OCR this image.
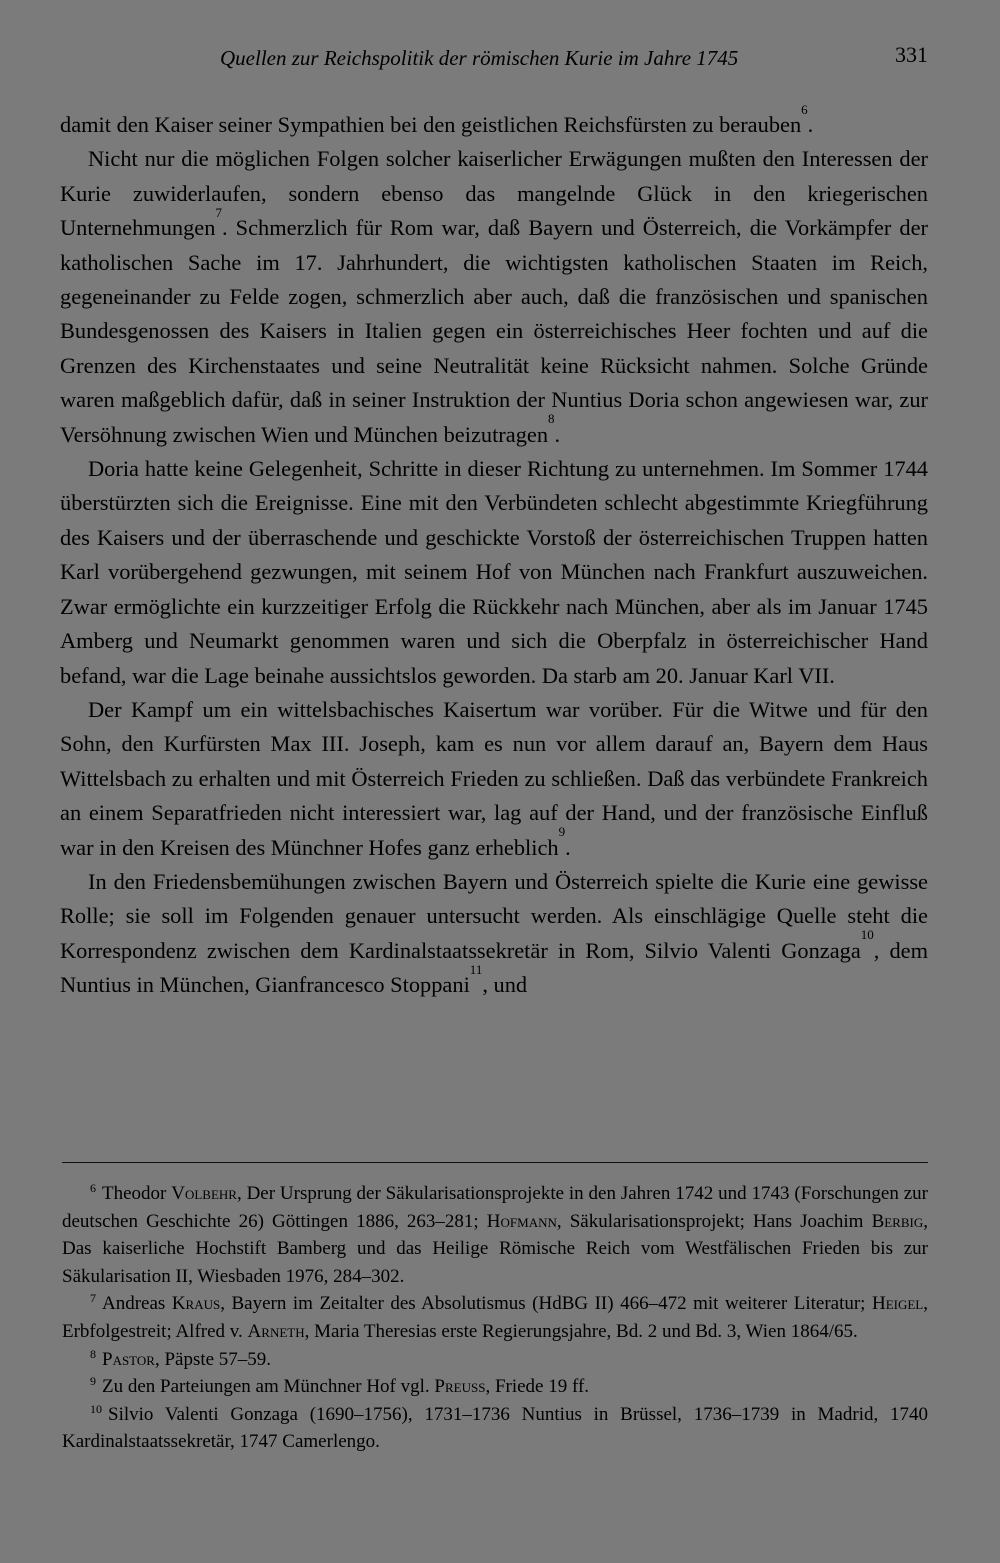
Quellen zur Reichspolitik der römischen Kurie im Jahre 1745	331

damit den Kaiser seiner Sympathien bei den geistlichen Reichsfürsten zu berauben$^6$.

Nicht nur die möglichen Folgen solcher kaiserlicher Erwägungen mußten den Interessen der Kurie zuwiderlaufen, sondern ebenso das mangelnde Glück in den kriegerischen Unternehmungen$^7$. Schmerzlich für Rom war, daß Bayern und Österreich, die Vorkämpfer der katholischen Sache im 17. Jahrhundert, die wichtigsten katholischen Staaten im Reich, gegeneinander zu Felde zogen, schmerzlich aber auch, daß die französischen und spanischen Bundesgenossen des Kaisers in Italien gegen ein österreichisches Heer fochten und auf die Grenzen des Kirchenstaates und seine Neutralität keine Rücksicht nahmen. Solche Gründe waren maßgeblich dafür, daß in seiner Instruktion der Nuntius Doria schon angewiesen war, zur Versöhnung zwischen Wien und München beizutragen$^8$.

Doria hatte keine Gelegenheit, Schritte in dieser Richtung zu unternehmen. Im Sommer 1744 überstürzten sich die Ereignisse. Eine mit den Verbündeten schlecht abgestimmte Kriegführung des Kaisers und der überraschende und geschickte Vorstoß der österreichischen Truppen hatten Karl vorübergehend gezwungen, mit seinem Hof von München nach Frankfurt auszuweichen. Zwar ermöglichte ein kurzzeitiger Erfolg die Rückkehr nach München, aber als im Januar 1745 Amberg und Neumarkt genommen waren und sich die Oberpfalz in österreichischer Hand befand, war die Lage beinahe aussichtslos geworden. Da starb am 20. Januar Karl VII.

Der Kampf um ein wittelsbachisches Kaisertum war vorüber. Für die Witwe und für den Sohn, den Kurfürsten Max III. Joseph, kam es nun vor allem darauf an, Bayern dem Haus Wittelsbach zu erhalten und mit Österreich Frieden zu schließen. Daß das verbündete Frankreich an einem Separatfrieden nicht interessiert war, lag auf der Hand, und der französische Einfluß war in den Kreisen des Münchner Hofes ganz erheblich$^9$.

In den Friedensbemühungen zwischen Bayern und Österreich spielte die Kurie eine gewisse Rolle; sie soll im Folgenden genauer untersucht werden. Als einschlägige Quelle steht die Korrespondenz zwischen dem Kardinalstaatssekretär in Rom, Silvio Valenti Gonzaga$^{10}$, dem Nuntius in München, Gianfrancesco Stoppani$^{11}$, und

$^6$ Theodor Volbehr, Der Ursprung der Säkularisationsprojekte in den Jahren 1742 und 1743 (Forschungen zur deutschen Geschichte 26) Göttingen 1886, 263–281; Hofmann, Säkularisationsprojekt; Hans Joachim Berbig, Das kaiserliche Hochstift Bamberg und das Heilige Römische Reich vom Westfälischen Frieden bis zur Säkularisation II, Wiesbaden 1976, 284–302.

$^7$ Andreas Kraus, Bayern im Zeitalter des Absolutismus (HdBG II) 466–472 mit weiterer Literatur; Heigel, Erbfolgestreit; Alfred v. Arneth, Maria Theresias erste Regierungsjahre, Bd. 2 und Bd. 3, Wien 1864/65.

$^8$ Pastor, Päpste 57–59.

$^9$ Zu den Parteiungen am Münchner Hof vgl. Preuss, Friede 19 ff.

$^{10}$ Silvio Valenti Gonzaga (1690–1756), 1731–1736 Nuntius in Brüssel, 1736–1739 in Madrid, 1740 Kardinalstaatssekretär, 1747 Camerlengo.
